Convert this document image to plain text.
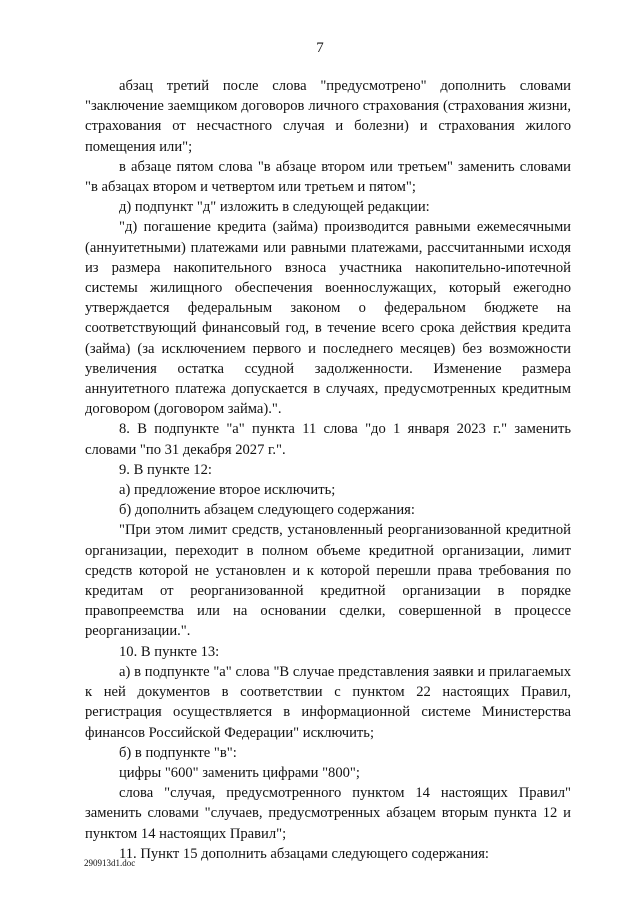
7

абзац третий после слова "предусмотрено" дополнить словами "заключение заемщиком договоров личного страхования (страхования жизни, страхования от несчастного случая и болезни) и страхования жилого помещения или";

в абзаце пятом слова "в абзаце втором или третьем" заменить словами "в абзацах втором и четвертом или третьем и пятом";

д) подпункт "д" изложить в следующей редакции:

"д) погашение кредита (займа) производится равными ежемесячными (аннуитетными) платежами или равными платежами, рассчитанными исходя из размера накопительного взноса участника накопительно-ипотечной системы жилищного обеспечения военнослужащих, который ежегодно утверждается федеральным законом о федеральном бюджете на соответствующий финансовый год, в течение всего срока действия кредита (займа) (за исключением первого и последнего месяцев) без возможности увеличения остатка ссудной задолженности. Изменение размера аннуитетного платежа допускается в случаях, предусмотренных кредитным договором (договором займа).".

8. В подпункте "а" пункта 11 слова "до 1 января 2023 г." заменить словами "по 31 декабря 2027 г.".

9. В пункте 12:

а) предложение второе исключить;

б) дополнить абзацем следующего содержания:

"При этом лимит средств, установленный реорганизованной кредитной организации, переходит в полном объеме кредитной организации, лимит средств которой не установлен и к которой перешли права требования по кредитам от реорганизованной кредитной организации в порядке правопреемства или на основании сделки, совершенной в процессе реорганизации.".

10. В пункте 13:

а) в подпункте "а" слова "В случае представления заявки и прилагаемых к ней документов в соответствии с пунктом 22 настоящих Правил, регистрация осуществляется в информационной системе Министерства финансов Российской Федерации" исключить;

б) в подпункте "в":

цифры "600" заменить цифрами "800";

слова "случая, предусмотренного пунктом 14 настоящих Правил" заменить словами "случаев, предусмотренных абзацем вторым пункта 12 и пунктом 14 настоящих Правил";

11. Пункт 15 дополнить абзацами следующего содержания:

290913d1.doc
